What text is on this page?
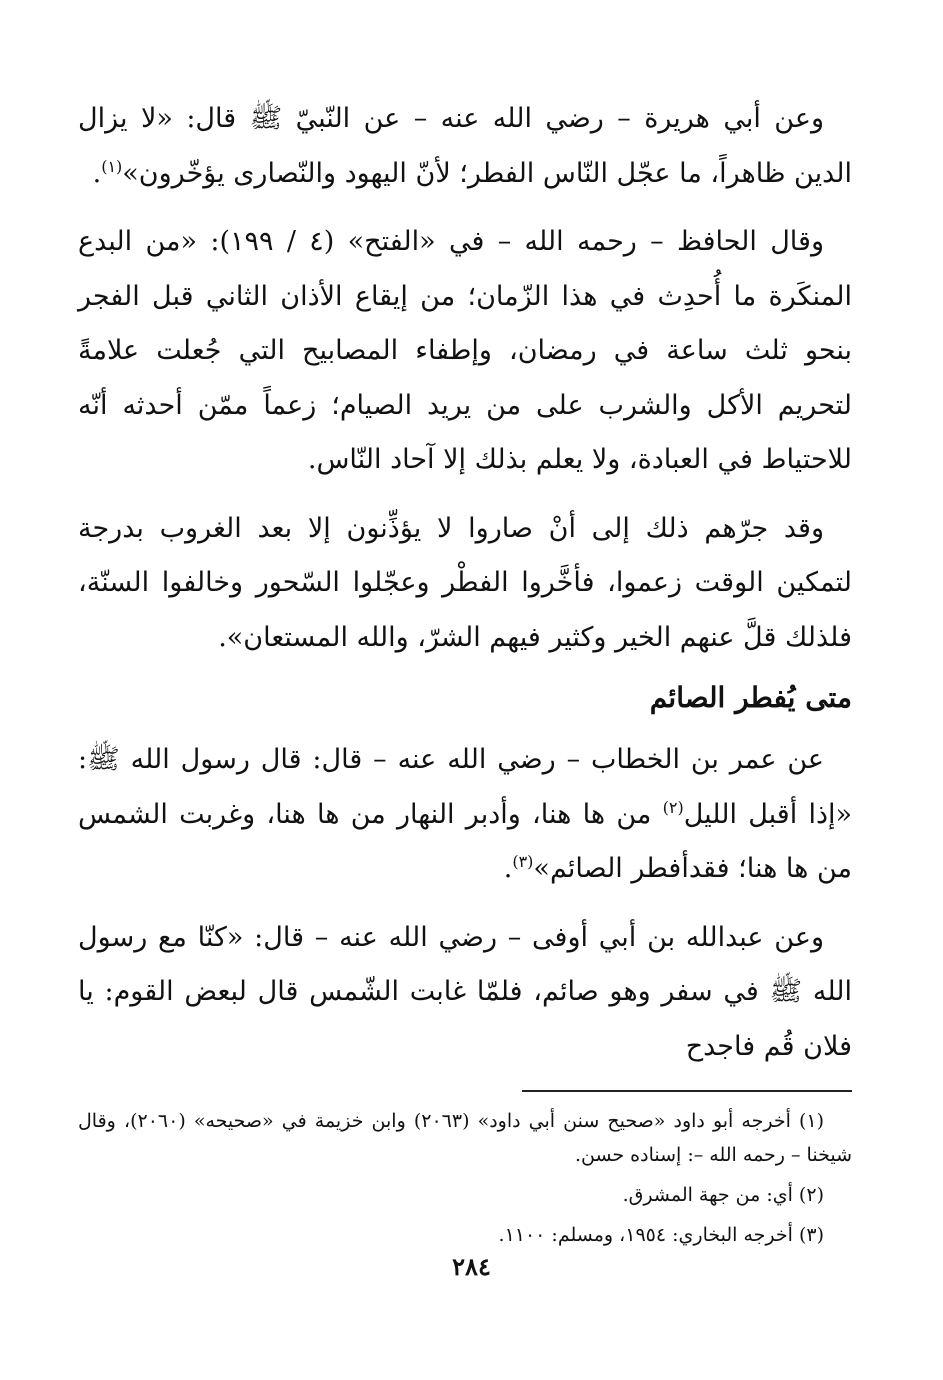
وعن أبي هريرة – رضي الله عنه – عن النّبيّ ﷺ قال: «لا يزال الدين ظاهراً، ما عجّل النّاس الفطر؛ لأنّ اليهود والنّصارى يؤخّرون»$^{(١)}$.

وقال الحافظ – رحمه الله – في «الفتح» (٤ / ١٩٩): «من البدع المنكَرة ما أُحدِث في هذا الزّمان؛ من إيقاع الأذان الثاني قبل الفجر بنحو ثلث ساعة في رمضان، وإطفاء المصابيح التي جُعلت علامةً لتحريم الأكل والشرب على من يريد الصيام؛ زعماً ممّن أحدثه أنّه للاحتياط في العبادة، ولا يعلم بذلك إلا آحاد النّاس.

وقد جرّهم ذلك إلى أنْ صاروا لا يؤذِّنون إلا بعد الغروب بدرجة لتمكين الوقت زعموا، فأخَّروا الفطْر وعجّلوا السّحور وخالفوا السنّة، فلذلك قلَّ عنهم الخير وكثير فيهم الشرّ، والله المستعان».

متى يُفطر الصائم

عن عمر بن الخطاب – رضي الله عنه – قال: قال رسول الله ﷺ: «إذا أقبل الليل$^{(٢)}$ من ها هنا، وأدبر النهار من ها هنا، وغربت الشمس من ها هنا؛ فقدأفطر الصائم»$^{(٣)}$.

وعن عبدالله بن أبي أوفى – رضي الله عنه – قال: «كنّا مع رسول الله ﷺ في سفر وهو صائم، فلمّا غابت الشّمس قال لبعض القوم: يا فلان قُم فاجدح

(١) أخرجه أبو داود «صحيح سنن أبي داود» (٢٠٦٣) وابن خزيمة في «صحيحه» (٢٠٦٠)، وقال شيخنا – رحمه الله –: إسناده حسن.

(٢) أي: من جهة المشرق.

(٣) أخرجه البخاري: ١٩٥٤، ومسلم: ١١٠٠.

٢٨٤
